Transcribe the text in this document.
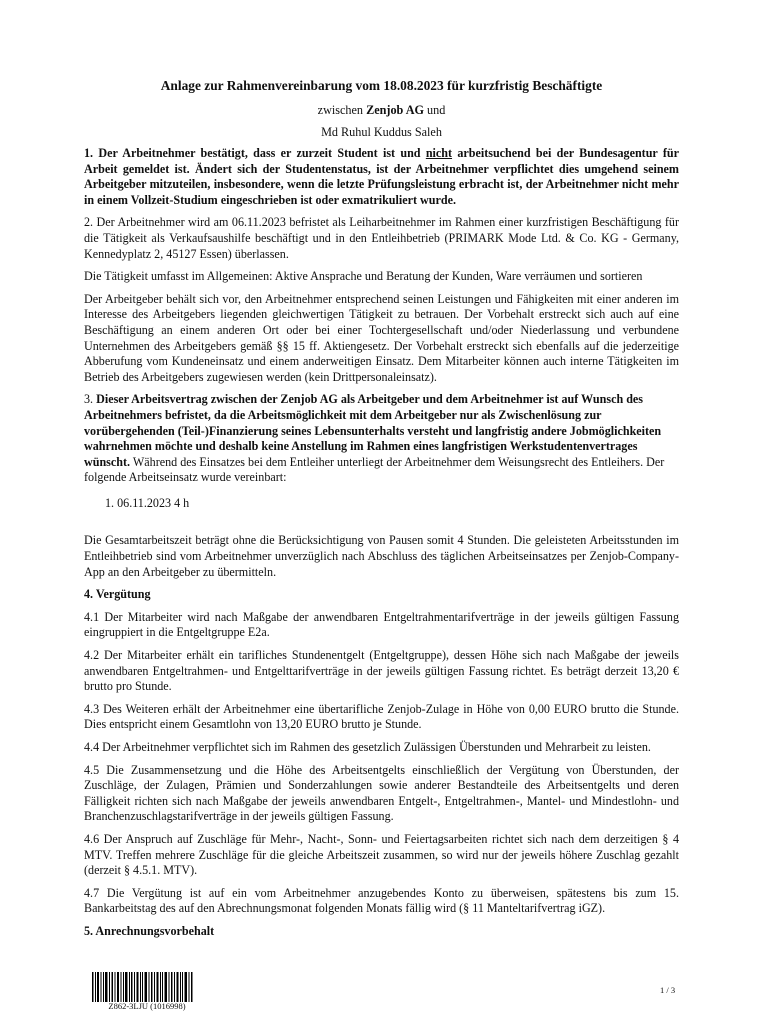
Anlage zur Rahmenvereinbarung vom 18.08.2023 für kurzfristig Beschäftigte
zwischen Zenjob AG und
Md Ruhul Kuddus Saleh

1. Der Arbeitnehmer bestätigt, dass er zurzeit Student ist und nicht arbeitsuchend bei der Bundesagentur für Arbeit gemeldet ist. Ändert sich der Studentenstatus, ist der Arbeitnehmer verpflichtet dies umgehend seinem Arbeitgeber mitzuteilen, insbesondere, wenn die letzte Prüfungsleistung erbracht ist, der Arbeitnehmer nicht mehr in einem Vollzeit-Studium eingeschrieben ist oder exmatrikuliert wurde.

2. Der Arbeitnehmer wird am 06.11.2023 befristet als Leiharbeitnehmer im Rahmen einer kurzfristigen Beschäftigung für die Tätigkeit als Verkaufsaushilfe beschäftigt und in den Entleihbetrieb (PRIMARK Mode Ltd. & Co. KG - Germany, Kennedyplatz 2, 45127 Essen) überlassen.

Die Tätigkeit umfasst im Allgemeinen: Aktive Ansprache und Beratung der Kunden, Ware verräumen und sortieren

Der Arbeitgeber behält sich vor, den Arbeitnehmer entsprechend seinen Leistungen und Fähigkeiten mit einer anderen im Interesse des Arbeitgebers liegenden gleichwertigen Tätigkeit zu betrauen. Der Vorbehalt erstreckt sich auch auf eine Beschäftigung an einem anderen Ort oder bei einer Tochtergesellschaft und/oder Niederlassung und verbundene Unternehmen des Arbeitgebers gemäß §§ 15 ff. Aktiengesetz. Der Vorbehalt erstreckt sich ebenfalls auf die jederzeitige Abberufung vom Kundeneinsatz und einem anderweitigen Einsatz. Dem Mitarbeiter können auch interne Tätigkeiten im Betrieb des Arbeitgebers zugewiesen werden (kein Drittpersonaleinsatz).

3. Dieser Arbeitsvertrag zwischen der Zenjob AG als Arbeitgeber und dem Arbeitnehmer ist auf Wunsch des Arbeitnehmers befristet, da die Arbeitsmöglichkeit mit dem Arbeitgeber nur als Zwischenlösung zur vorübergehenden (Teil-)Finanzierung seines Lebensunterhalts versteht und langfristig andere Jobmöglichkeiten wahrnehmen möchte und deshalb keine Anstellung im Rahmen eines langfristigen Werkstudentenvertrages wünscht. Während des Einsatzes bei dem Entleiher unterliegt der Arbeitnehmer dem Weisungsrecht des Entleihers. Der folgende Arbeitseinsatz wurde vereinbart:

1. 06.11.2023 4 h

Die Gesamtarbeitszeit beträgt ohne die Berücksichtigung von Pausen somit 4 Stunden. Die geleisteten Arbeitsstunden im Entleihbetrieb sind vom Arbeitnehmer unverzüglich nach Abschluss des täglichen Arbeitseinsatzes per Zenjob-Company-App an den Arbeitgeber zu übermitteln.

4. Vergütung

4.1 Der Mitarbeiter wird nach Maßgabe der anwendbaren Entgeltrahmentarifverträge in der jeweils gültigen Fassung eingruppiert in die Entgeltgruppe E2a.

4.2 Der Mitarbeiter erhält ein tarifliches Stundenentgelt (Entgeltgruppe), dessen Höhe sich nach Maßgabe der jeweils anwendbaren Entgeltrahmen- und Entgelttarifverträge in der jeweils gültigen Fassung richtet. Es beträgt derzeit 13,20 € brutto pro Stunde.

4.3 Des Weiteren erhält der Arbeitnehmer eine übertarifliche Zenjob-Zulage in Höhe von 0,00 EURO brutto die Stunde. Dies entspricht einem Gesamtlohn von 13,20 EURO brutto je Stunde.

4.4 Der Arbeitnehmer verpflichtet sich im Rahmen des gesetzlich Zulässigen Überstunden und Mehrarbeit zu leisten.

4.5 Die Zusammensetzung und die Höhe des Arbeitsentgelts einschließlich der Vergütung von Überstunden, der Zuschläge, der Zulagen, Prämien und Sonderzahlungen sowie anderer Bestandteile des Arbeitsentgelts und deren Fälligkeit richten sich nach Maßgabe der jeweils anwendbaren Entgelt-, Entgeltrahmen-, Mantel- und Mindestlohn- und Branchenzuschlagstarifverträge in der jeweils gültigen Fassung.

4.6 Der Anspruch auf Zuschläge für Mehr-, Nacht-, Sonn- und Feiertagsarbeiten richtet sich nach dem derzeitigen § 4 MTV. Treffen mehrere Zuschläge für die gleiche Arbeitszeit zusammen, so wird nur der jeweils höhere Zuschlag gezahlt (derzeit § 4.5.1. MTV).

4.7 Die Vergütung ist auf ein vom Arbeitnehmer anzugebendes Konto zu überweisen, spätestens bis zum 15. Bankarbeitstag des auf den Abrechnungsmonat folgenden Monats fällig wird (§ 11 Manteltarifvertrag iGZ).

5. Anrechnungsvorbehalt
Z862-3LJU (1016998)
1 / 3
